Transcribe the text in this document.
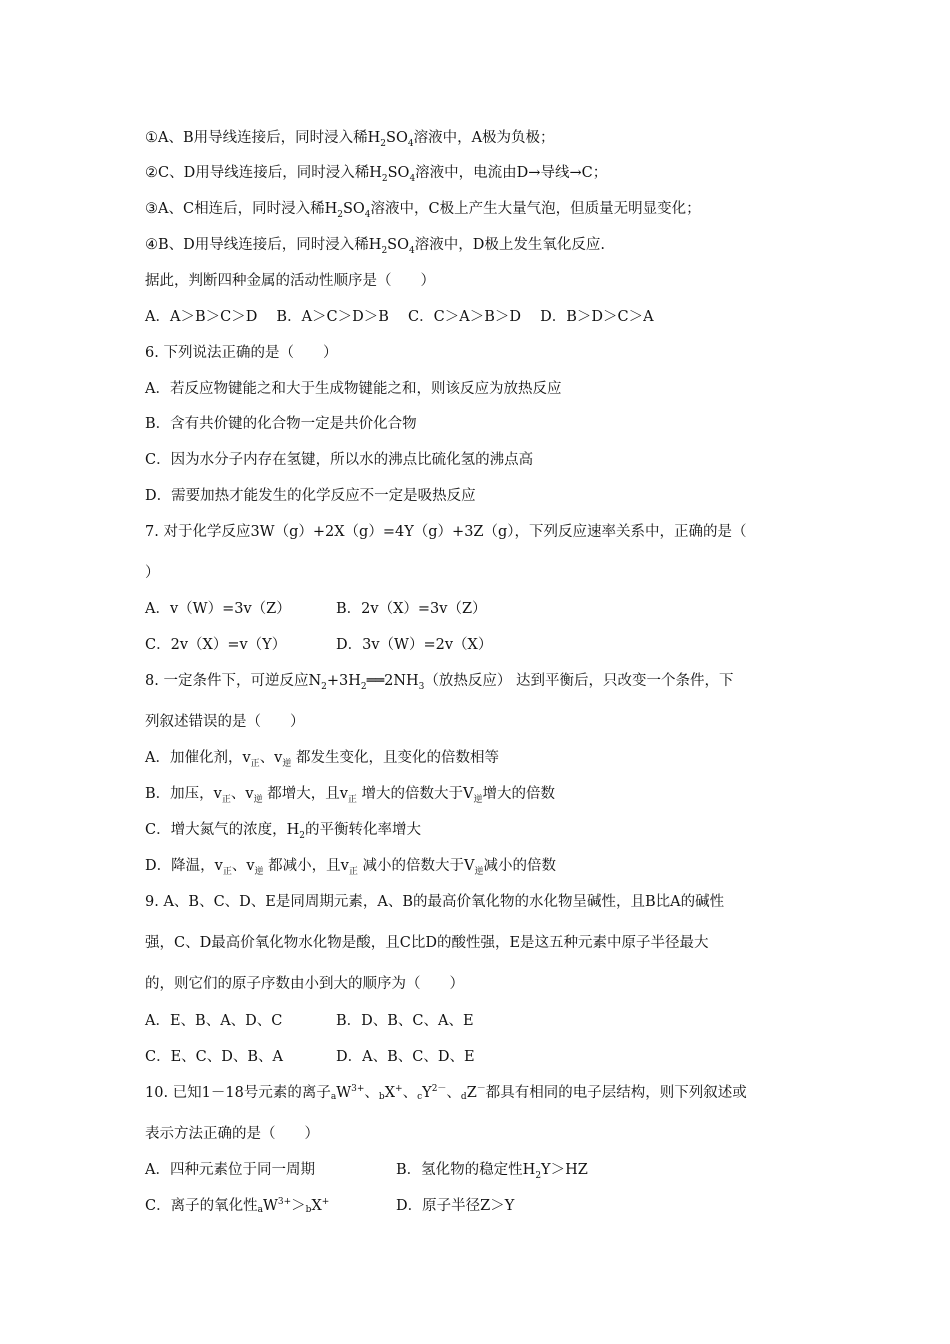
①A、B用导线连接后，同时浸入稀$H_2SO_4$溶液中，A极为负极；
②C、D用导线连接后，同时浸入稀$H_2SO_4$溶液中，电流由D→导线→C；
③A、C相连后，同时浸入稀$H_2SO_4$溶液中，C极上产生大量气泡，但质量无明显变化；
④B、D用导线连接后，同时浸入稀$H_2SO_4$溶液中，D极上发生氧化反应.
据此，判断四种金属的活动性顺序是（　　）
A．A＞B＞C＞D　 B．A＞C＞D＞B　 C．C＞A＞B＞D　 D．B＞D＞C＞A
6. 下列说法正确的是（　　）
A．若反应物键能之和大于生成物键能之和，则该反应为放热反应
B．含有共价键的化合物一定是共价化合物
C．因为水分子内存在氢键，所以水的沸点比硫化氢的沸点高
D．需要加热才能发生的化学反应不一定是吸热反应
7. 对于化学反应3W（g）+2X（g）=4Y（g）+3Z（g），下列反应速率关系中，正确的是（
）
A．v（W）=3v（Z）	B．2v（X）=3v（Z）
C．2v（X）=v（Y）	D．3v（W）=2v（X）
8. 一定条件下，可逆反应$N_2+3H_2══2NH_3$（放热反应） 达到平衡后，只改变一个条件，下
列叙述错误的是（　　）
A．加催化剂，$v_正$、$v_逆$ 都发生变化，且变化的倍数相等
B．加压，$v_正$、$v_逆$ 都增大，且$v_正$ 增大的倍数大于$V_逆$增大的倍数
C．增大氮气的浓度，$H_2$的平衡转化率增大
D．降温，$v_正$、$v_逆$ 都减小，且$v_正$ 减小的倍数大于$V_逆$减小的倍数
9. A、B、C、D、E是同周期元素，A、B的最高价氧化物的水化物呈碱性，且B比A的碱性
强，C、D最高价氧化物水化物是酸，且C比D的酸性强，E是这五种元素中原子半径最大
的，则它们的原子序数由小到大的顺序为（　　）
A．E、B、A、D、C	B．D、B、C、A、E
C．E、C、D、B、A	D．A、B、C、D、E
10. 已知1－18号元素的离子$aW^{3+}$、bX+、$cY^{2-}$、dZ－都具有相同的电子层结构，则下列叙述或
表示方法正确的是（　　）
A．四种元素位于同一周期	B．氢化物的稳定性$H_2Y>HZ$
C．离子的氧化性$aW^{3+}>bX^+$	D．原子半径Z＞Y
